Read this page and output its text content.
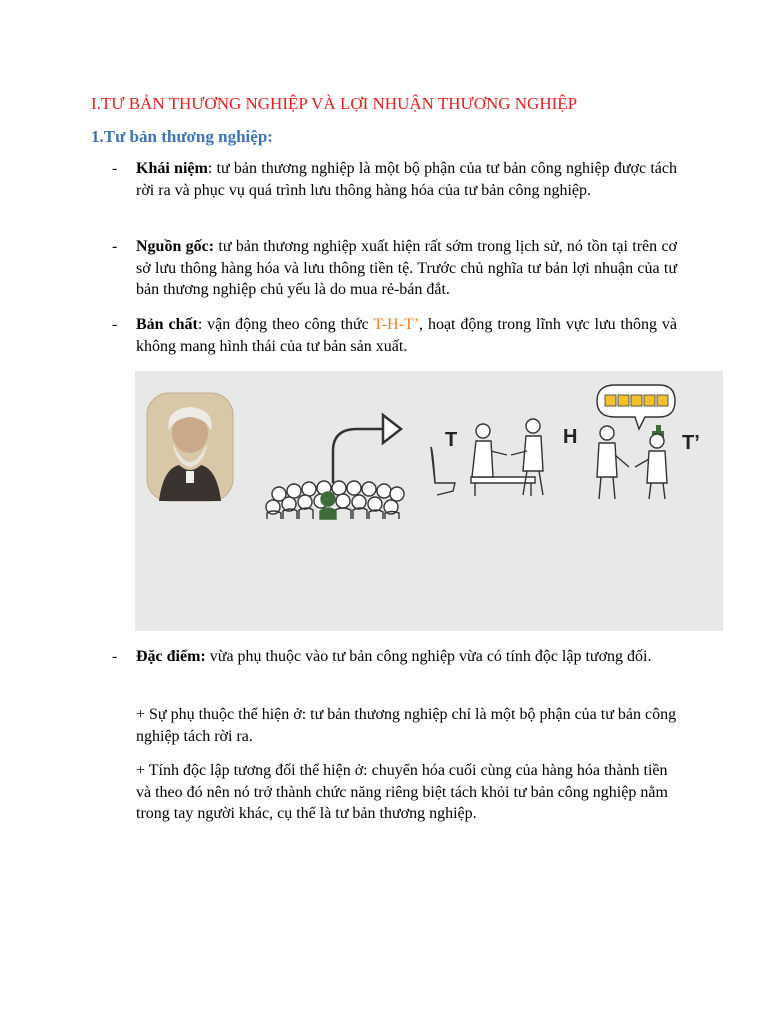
I.TƯ BẢN THƯƠNG NGHIỆP VÀ LỢI NHUẬN THƯƠNG NGHIỆP
1.Tư bản thương nghiệp:
- Khái niệm: tư bản thương nghiệp là một bộ phận của tư bản công nghiệp được tách rời ra và phục vụ quá trình lưu thông hàng hóa của tư bản công nghiệp.
- Nguồn gốc: tư bản thương nghiệp xuất hiện rất sớm trong lịch sử, nó tồn tại trên cơ sở lưu thông hàng hóa và lưu thông tiền tệ. Trước chủ nghĩa tư bản lợi nhuận của tư bản thương nghiệp chủ yếu là do mua rẻ-bán đắt.
- Bản chất: vận động theo công thức T-H-T’, hoạt động trong lĩnh vực lưu thông và không mang hình thái của tư bản sản xuất.
T	H	T’
- Đặc điểm: vừa phụ thuộc vào tư bản công nghiệp vừa có tính độc lập tương đối.
+ Sự phụ thuộc thể hiện ở: tư bản thương nghiệp chỉ là một bộ phận của tư bản công nghiệp tách rời ra.
+ Tính độc lập tương đối thể hiện ở: chuyển hóa cuối cùng của hàng hóa thành tiền và theo đó nên nó trở thành chức năng riêng biệt tách khỏi tư bản công nghiệp nằm trong tay người khác, cụ thể là tư bản thương nghiệp.
